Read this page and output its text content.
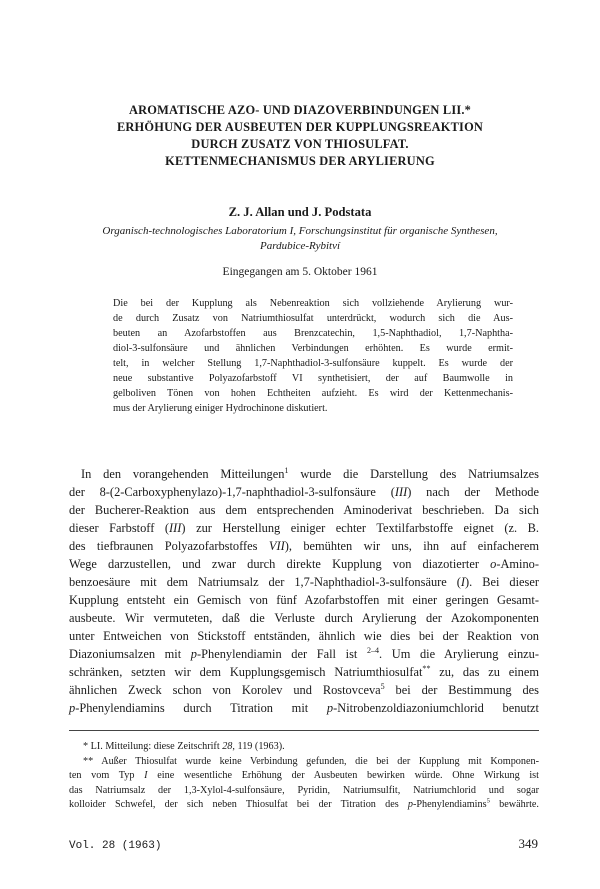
AROMATISCHE AZO- UND DIAZOVERBINDUNGEN LII.*
ERHÖHUNG DER AUSBEUTEN DER KUPPLUNGSREAKTION
DURCH ZUSATZ VON THIOSULFAT.
KETTENMECHANISMUS DER ARYLIERUNG
Z. J. Allan und J. Podstata
Organisch-technologisches Laboratorium I, Forschungsinstitut für organische Synthesen,
Pardubice-Rybitví
Eingegangen am 5. Oktober 1961
Die bei der Kupplung als Nebenreaktion sich vollziehende Arylierung wur-
de durch Zusatz von Natriumthiosulfat unterdrückt, wodurch sich die Aus-
beuten an Azofarbstoffen aus Brenzcatechin, 1,5-Naphthadiol, 1,7-Naphtha-
diol-3-sulfonsäure und ähnlichen Verbindungen erhöhten. Es wurde ermit-
telt, in welcher Stellung 1,7-Naphthadiol-3-sulfonsäure kuppelt. Es wurde der
neue substantive Polyazofarbstoff VI synthetisiert, der auf Baumwolle in
gelboliven Tönen von hohen Echtheiten aufzieht. Es wird der Kettenmechanis-
mus der Arylierung einiger Hydrochinone diskutiert.
In den vorangehenden Mitteilungen$^1$ wurde die Darstellung des Natriumsalzes
der 8-(2-Carboxyphenylazo)-1,7-naphthadiol-3-sulfonsäure (III) nach der Methode
der Bucherer-Reaktion aus dem entsprechenden Aminoderivat beschrieben. Da sich
dieser Farbstoff (III) zur Herstellung einiger echter Textilfarbstoffe eignet (z. B.
des tiefbraunen Polyazofarbstoffes VII), bemühten wir uns, ihn auf einfacherem
Wege darzustellen, und zwar durch direkte Kupplung von diazotierter o-Amino-
benzoesäure mit dem Natriumsalz der 1,7-Naphthadiol-3-sulfonsäure (I). Bei dieser
Kupplung entsteht ein Gemisch von fünf Azofarbstoffen mit einer geringen Gesamt-
ausbeute. Wir vermuteten, daß die Verluste durch Arylierung der Azokomponenten
unter Entweichen von Stickstoff entständen, ähnlich wie dies bei der Reaktion von
Diazoniumsalzen mit p-Phenylendiamin der Fall ist $^{2-4}$. Um die Arylierung einzu-
schränken, setzten wir dem Kupplungsgemisch Natriumthiosulfat** zu, das zu einem
ähnlichen Zweck schon von Korolev und Rostovceva$^5$ bei der Bestimmung des
p-Phenylendiamins durch Titration mit p-Nitrobenzoldiazoniumchlorid benutzt
* LI. Mitteilung: diese Zeitschrift 28, 119 (1963).
** Außer Thiosulfat wurde keine Verbindung gefunden, die bei der Kupplung mit Komponen-
ten vom Typ I eine wesentliche Erhöhung der Ausbeuten bewirken würde. Ohne Wirkung ist
das Natriumsalz der 1,3-Xylol-4-sulfonsäure, Pyridin, Natriumsulfit, Natriumchlorid und sogar
kolloider Schwefel, der sich neben Thiosulfat bei der Titration des p-Phenylendiamins$^5$ bewährte.
Vol. 28 (1963)	349
